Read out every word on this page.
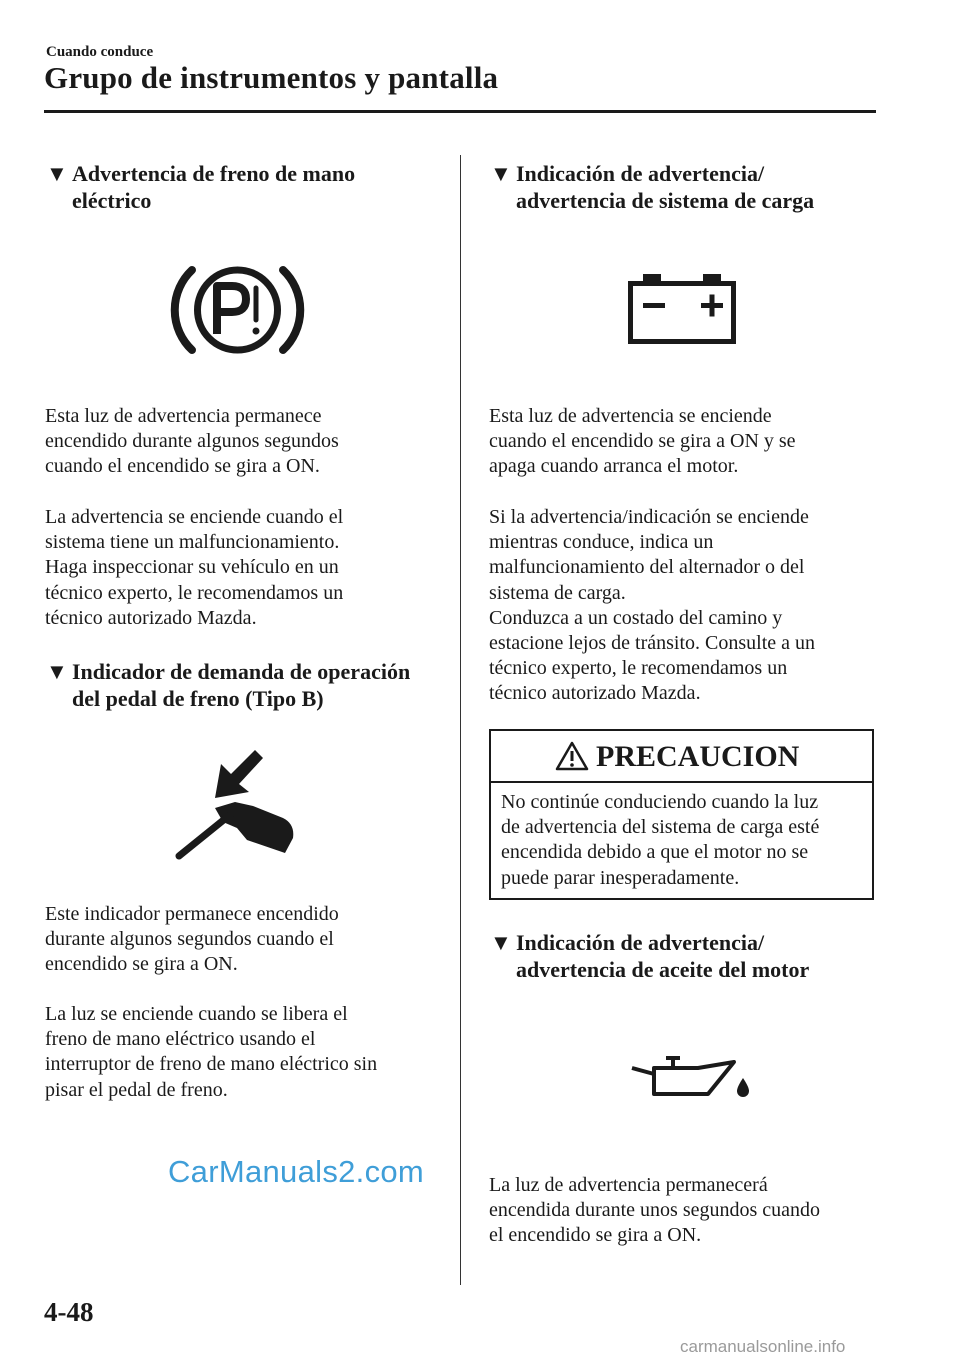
Cuando conduce
Grupo de instrumentos y pantalla
▼ Advertencia de freno de mano
eléctrico
Esta luz de advertencia permanece
encendido durante algunos segundos
cuando el encendido se gira a ON.
La advertencia se enciende cuando el
sistema tiene un malfuncionamiento.
Haga inspeccionar su vehículo en un
técnico experto, le recomendamos un
técnico autorizado Mazda.
▼ Indicador de demanda de operación
del pedal de freno (Tipo B)
Este indicador permanece encendido
durante algunos segundos cuando el
encendido se gira a ON.
La luz se enciende cuando se libera el
freno de mano eléctrico usando el
interruptor de freno de mano eléctrico sin
pisar el pedal de freno.
▼ Indicación de advertencia/
advertencia de sistema de carga
Esta luz de advertencia se enciende
cuando el encendido se gira a ON y se
apaga cuando arranca el motor.
Si la advertencia/indicación se enciende
mientras conduce, indica un
malfuncionamiento del alternador o del
sistema de carga.
Conduzca a un costado del camino y
estacione lejos de tránsito. Consulte a un
técnico experto, le recomendamos un
técnico autorizado Mazda.
PRECAUCION
No continúe conduciendo cuando la luz
de advertencia del sistema de carga esté
encendida debido a que el motor no se
puede parar inesperadamente.
▼ Indicación de advertencia/
advertencia de aceite del motor
La luz de advertencia permanecerá
encendida durante unos segundos cuando
el encendido se gira a ON.
CarManuals2.com
4-48
carmanualsonline.info
